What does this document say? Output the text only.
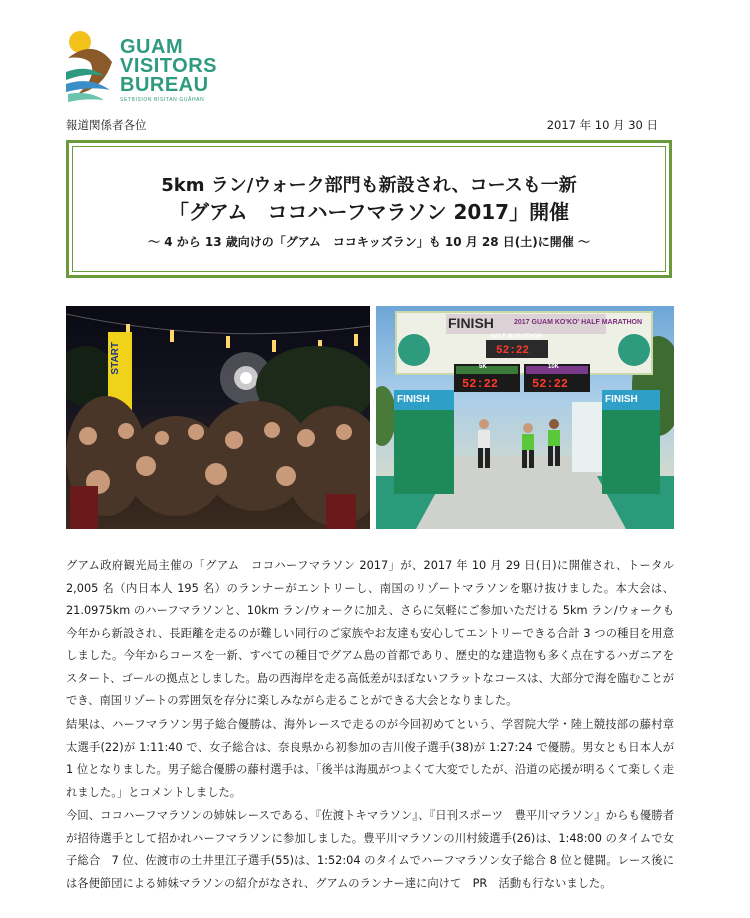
GUAM
VISITORS
BUREAU
SETBISION BISITAN GUÅHAN
報道関係者各位	2017 年 10 月 30 日
5km ラン/ウォーク部門も新設され、コースも一新
「グアム　ココハーフマラソン 2017」開催
～ 4 から 13 歳向けの「グアム　ココキッズラン」も 10 月 28 日(土)に開催 ～
START
FINISH	2017 GUAM KO'KO' HALF MARATHON
HALF MARATHON
52:22
5K	10K
52:22	52:22
FINISH	FINISH
グアム政府観光局主催の「グアム　ココハーフマラソン 2017」が、2017 年 10 月 29 日(日)に開催され、トータル 2,005 名（内日本人 195 名）のランナーがエントリーし、南国のリゾートマラソンを駆け抜けました。本大会は、21.0975km のハーフマラソンと、10km ラン/ウォークに加え、さらに気軽にご参加いただける 5km ラン/ウォークも今年から新設され、長距離を走るのが難しい同行のご家族やお友達も安心してエントリーできる合計 3 つの種目を用意しました。今年からコースを一新、すべての種目でグアム島の首都であり、歴史的な建造物も多く点在するハガニアをスタート、ゴールの拠点としました。島の西海岸を走る高低差がほぼないフラットなコースは、大部分で海を臨むことができ、南国リゾートの雰囲気を存分に楽しみながら走ることができる大会となりました。
結果は、ハーフマラソン男子総合優勝は、海外レースで走るのが今回初めてという、学習院大学・陸上競技部の藤村章太選手(22)が 1:11:40 で、女子総合は、奈良県から初参加の吉川俊子選手(38)が 1:27:24 で優勝。男女とも日本人が 1 位となりました。男子総合優勝の藤村選手は、「後半は海風がつよくて大変でしたが、沿道の応援が明るくて楽しく走れました。」とコメントしました。
今回、ココハーフマラソンの姉妹レースである、『佐渡トキマラソン』、『日刊スポーツ　豊平川マラソン』からも優勝者が招待選手として招かれハーフマラソンに参加しました。豊平川マラソンの川村綾選手(26)は、1:48:00 のタイムで女子総合　7 位、佐渡市の土井里江子選手(55)は、1:52:04 のタイムでハーフマラソン女子総合 8 位と健闘。レース後には各便節団による姉妹マラソンの紹介がなされ、グアムのランナー達に向けて　PR　活動も行ないました。
